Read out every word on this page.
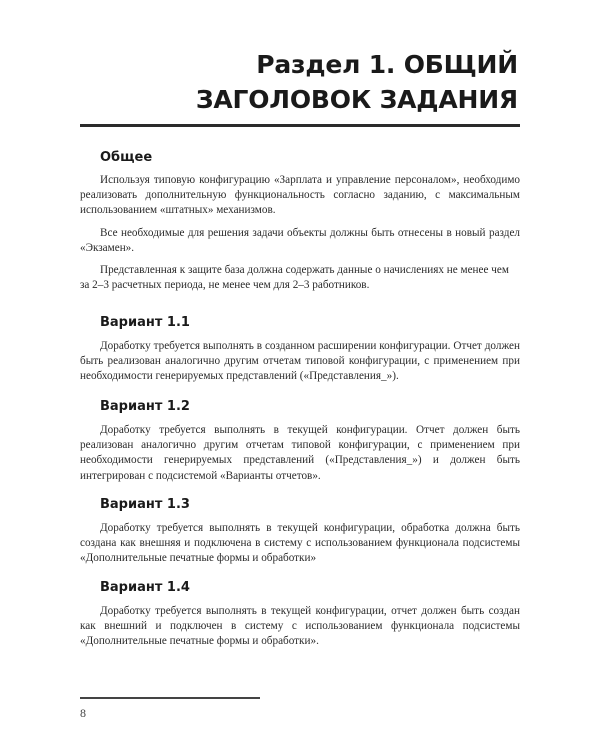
Раздел 1. ОБЩИЙ
ЗАГОЛОВОК ЗАДАНИЯ
Общее

Используя типовую конфигурацию «Зарплата и управление персоналом», необходимо реализовать дополнительную функциональность согласно заданию, с максимальным использованием «штатных» механизмов.

Все необходимые для решения задачи объекты должны быть отнесены в новый раздел «Экзамен».

Представленная к защите база должна содержать данные о начислениях не менее чем за 2–3 расчетных периода, не менее чем для 2–3 работников.

Вариант 1.1

Доработку требуется выполнять в созданном расширении конфигурации. Отчет должен быть реализован аналогично другим отчетам типовой конфигурации, с применением при необходимости генерируемых представлений («Представления_»).

Вариант 1.2

Доработку требуется выполнять в текущей конфигурации. Отчет должен быть реализован аналогично другим отчетам типовой конфигурации, с применением при необходимости генерируемых представлений («Представления_») и должен быть интегрирован с подсистемой «Варианты отчетов».

Вариант 1.3

Доработку требуется выполнять в текущей конфигурации, обработка должна быть создана как внешняя и подключена в систему с использованием функционала подсистемы «Дополнительные печатные формы и обработки»

Вариант 1.4

Доработку требуется выполнять в текущей конфигурации, отчет должен быть создан как внешний и подключен в систему с использованием функционала подсистемы «Дополнительные печатные формы и обработки».

8
